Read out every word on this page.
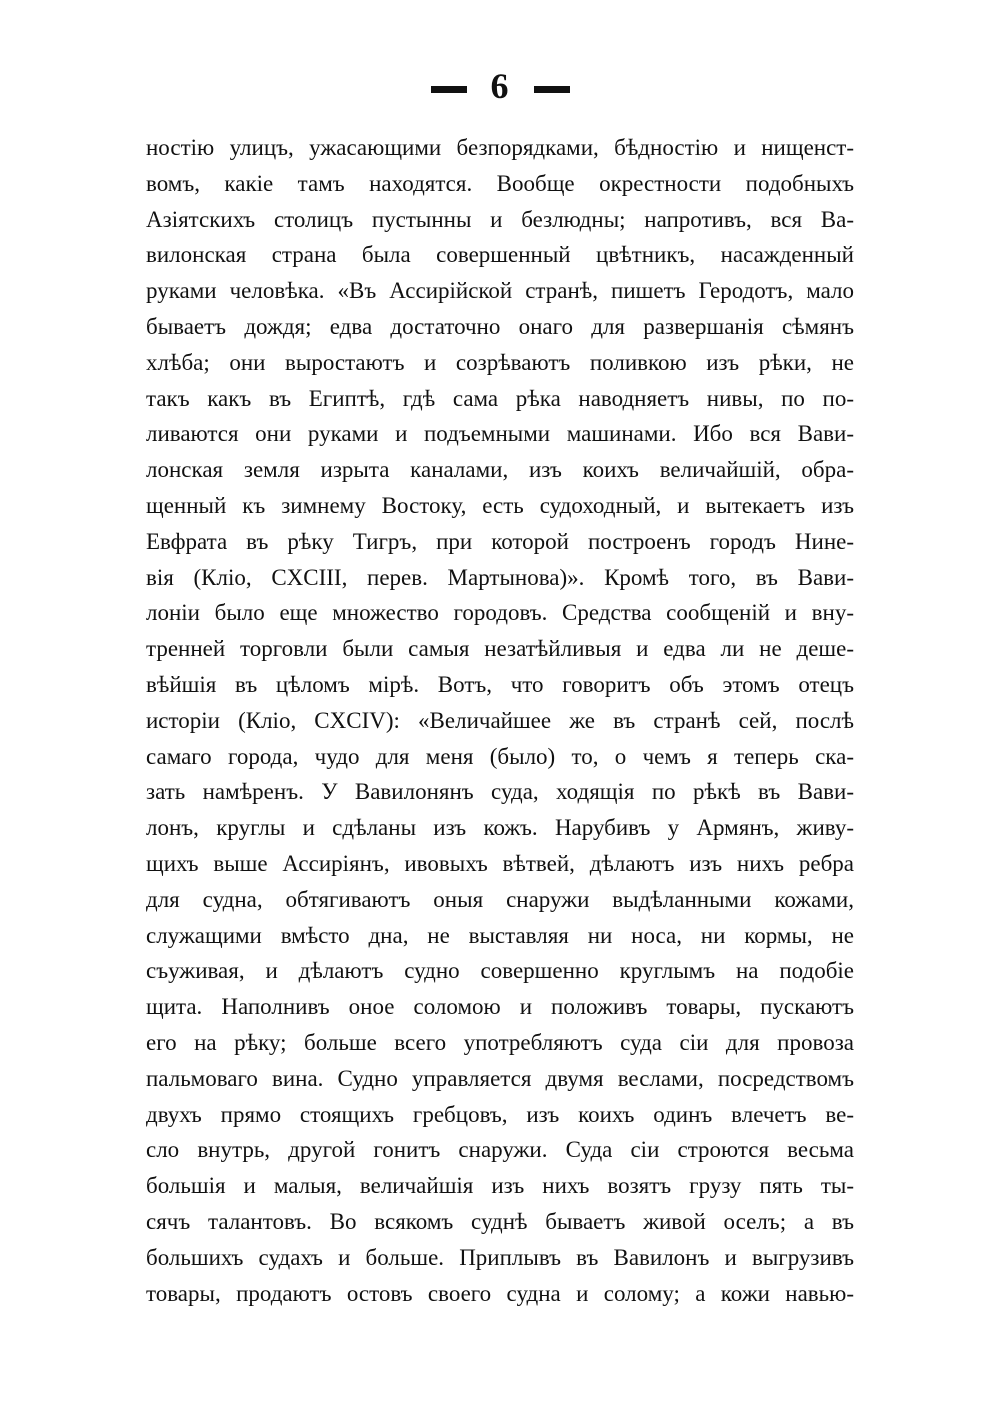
6
ностію улицъ, ужасающими безпорядками, бѣдностію и нищенст-
вомъ, какіе тамъ находятся. Вообще окрестности подобныхъ
Азіятскихъ столицъ пустынны и безлюдны; напротивъ, вся Ва-
вилонская страна была совершенный цвѣтникъ, насажденный
руками человѣка. «Въ Ассирійской странѣ, пишетъ Геродотъ, мало
бываетъ дождя; едва достаточно онаго для развершанія сѣмянъ
хлѣба; они выростаютъ и созрѣваютъ поливкою изъ рѣки, не
такъ какъ въ Египтѣ, гдѣ сама рѣка наводняетъ нивы, по по-
ливаются они руками и подъемными машинами. Ибо вся Вави-
лонская земля изрыта каналами, изъ коихъ величайшій, обра-
щенный къ зимнему Востоку, есть судоходный, и вытекаетъ изъ
Евфрата въ рѣку Тигръ, при которой построенъ городъ Нине-
вія (Кліо, CXCIII, перев. Мартынова)». Кромѣ того, въ Вави-
лоніи было еще множество городовъ. Средства сообщеній и вну-
тренней торговли были самыя незатѣйливыя и едва ли не деше-
вѣйшія въ цѣломъ мірѣ. Вотъ, что говоритъ объ этомъ отецъ
исторіи (Кліо, CXCIV): «Величайшее же въ странѣ сей, послѣ
самаго города, чудо для меня (было) то, о чемъ я теперь ска-
зать намѣренъ. У Вавилонянъ суда, ходящія по рѣкѣ въ Вави-
лонъ, круглы и сдѣланы изъ кожъ. Нарубивъ у Армянъ, живу-
щихъ выше Ассиріянъ, ивовыхъ вѣтвей, дѣлаютъ изъ нихъ ребра
для судна, обтягиваютъ оныя снаружи выдѣланными кожами,
служащими вмѣсто дна, не выставляя ни носа, ни кормы, не
съуживая, и дѣлаютъ судно совершенно круглымъ на подобіе
щита. Наполнивъ оное соломою и положивъ товары, пускаютъ
его на рѣку; больше всего употребляютъ суда сіи для провоза
пальмоваго вина. Судно управляется двумя веслами, посредствомъ
двухъ прямо стоящихъ гребцовъ, изъ коихъ одинъ влечетъ ве-
сло внутрь, другой гонитъ снаружи. Суда сіи строются весьма
большія и малыя, величайшія изъ нихъ возятъ грузу пять ты-
сячъ талантовъ. Во всякомъ суднѣ бываетъ живой оселъ; а въ
большихъ судахъ и больше. Приплывъ въ Вавилонъ и выгрузивъ
товары, продаютъ остовъ своего судна и солому; а кожи навью-
